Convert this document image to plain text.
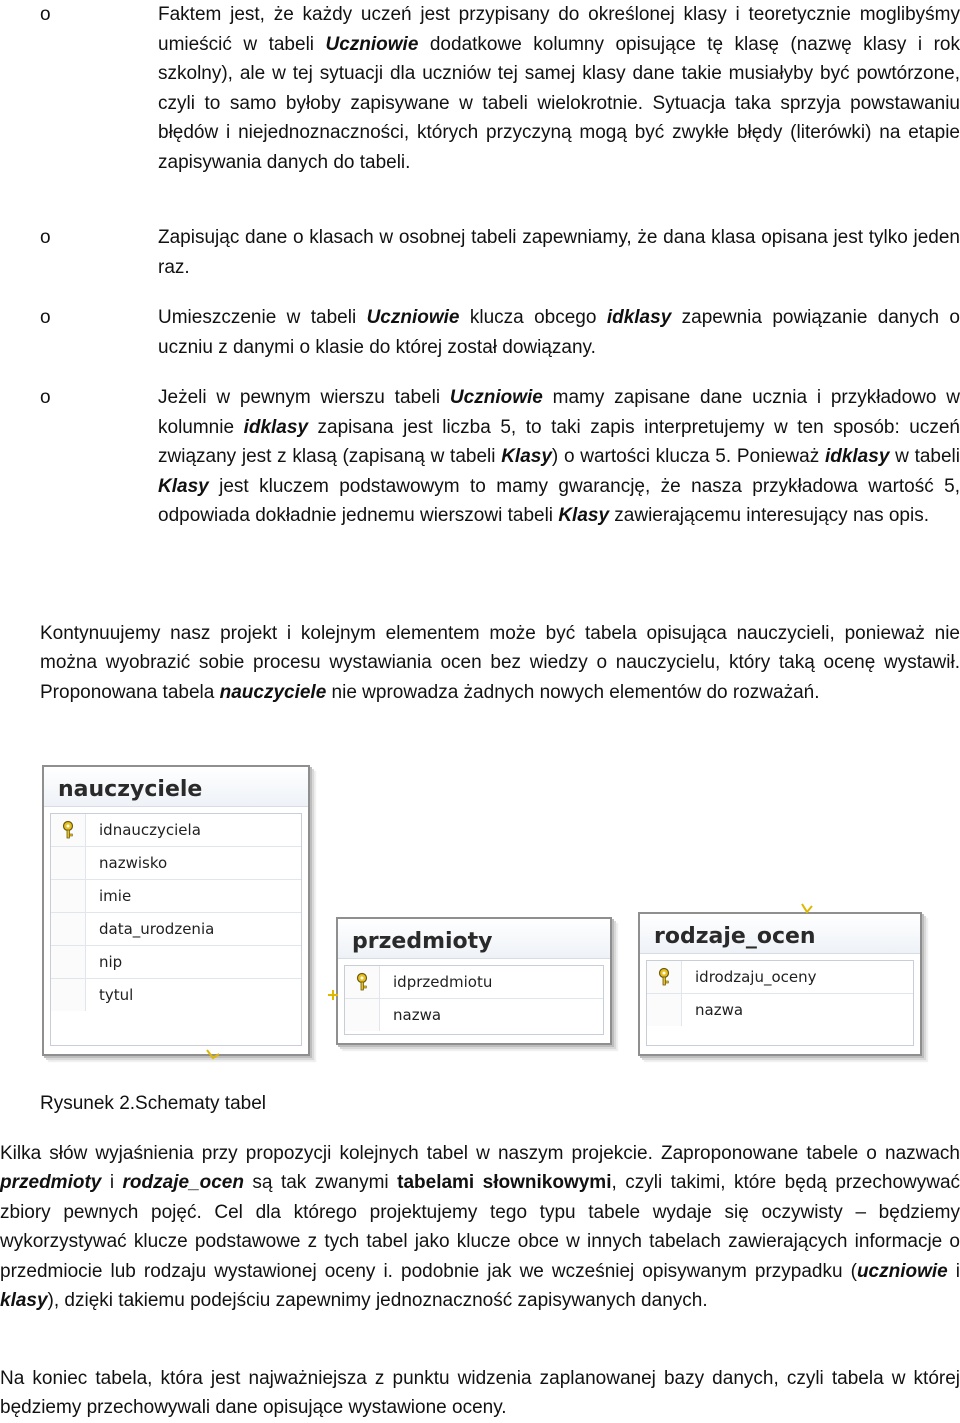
o	Faktem jest, że każdy uczeń jest przypisany do określonej klasy i teoretycznie moglibyśmy umieścić w tabeli Uczniowie dodatkowe kolumny opisujące tę klasę (nazwę klasy i rok szkolny), ale w tej sytuacji dla uczniów tej samej klasy dane takie musiałyby być powtórzone, czyli to samo byłoby zapisywane w tabeli wielokrotnie. Sytuacja taka sprzyja powstawaniu błędów i niejednoznaczności, których przyczyną mogą być zwykłe błędy (literówki) na etapie zapisywania danych do tabeli.

o	Zapisując dane o klasach w osobnej tabeli zapewniamy, że dana klasa opisana jest tylko jeden raz.

o	Umieszczenie w tabeli Uczniowie klucza obcego idklasy zapewnia powiązanie danych o uczniu z danymi o klasie do której został dowiązany.

o	Jeżeli w pewnym wierszu tabeli Uczniowie mamy zapisane dane ucznia i przykładowo w kolumnie idklasy zapisana jest liczba 5, to taki zapis interpretujemy w ten sposób: uczeń związany jest z klasą (zapisaną w tabeli Klasy) o wartości klucza 5. Ponieważ idklasy w tabeli Klasy jest kluczem podstawowym to mamy gwarancję, że nasza przykładowa wartość 5, odpowiada dokładnie jednemu wierszowi tabeli Klasy zawierającemu interesujący nas opis.

Kontynuujemy nasz projekt i kolejnym elementem może być tabela opisująca nauczycieli, ponieważ nie można wyobrazić sobie procesu wystawiania ocen bez wiedzy o nauczycielu, który taką ocenę wystawił. Proponowana tabela nauczyciele nie wprowadza żadnych nowych elementów do rozważań.

nauczyciele
idnauczyciela
nazwisko
imie
data_urodzenia
nip
tytul
przedmioty
idprzedmiotu
nazwa
rodzaje_ocen
idrodzaju_oceny
nazwa

Rysunek 2.Schematy tabel

Kilka słów wyjaśnienia przy propozycji kolejnych tabel w naszym projekcie. Zaproponowane tabele o nazwach przedmioty i rodzaje_ocen są tak zwanymi tabelami słownikowymi, czyli takimi, które będą przechowywać zbiory pewnych pojęć. Cel dla którego projektujemy tego typu tabele wydaje się oczywisty – będziemy wykorzystywać klucze podstawowe z tych tabel jako klucze obce w innych tabelach zawierających informacje o przedmiocie lub rodzaju wystawionej oceny i. podobnie jak we wcześniej opisywanym przypadku (uczniowie i klasy), dzięki takiemu podejściu zapewnimy jednoznaczność zapisywanych danych.

Na koniec tabela, która jest najważniejsza z punktu widzenia zaplanowanej bazy danych, czyli tabela w której będziemy przechowywali dane opisujące wystawione oceny.
